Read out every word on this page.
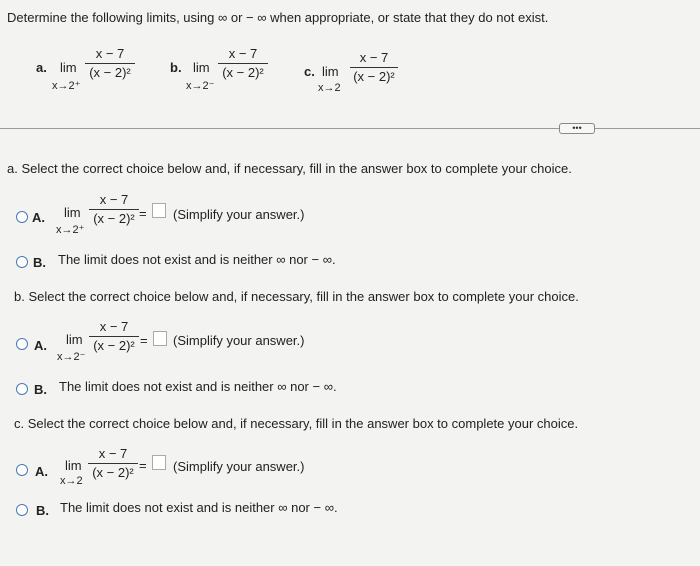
Determine the following limits, using ∞ or − ∞ when appropriate, or state that they do not exist.
a. lim
x→2⁺
x − 7
(x − 2)²	b. lim
x→2⁻
x − 7
(x − 2)²	c. lim
x→2
x − 7
(x − 2)²
•••
a. Select the correct choice below and, if necessary, fill in the answer box to complete your choice.
A. lim
x→2⁺
x − 7
(x − 2)² = (Simplify your answer.)
B. The limit does not exist and is neither ∞ nor − ∞.
b. Select the correct choice below and, if necessary, fill in the answer box to complete your choice.
A. lim
x→2⁻
x − 7
(x − 2)² = (Simplify your answer.)
B. The limit does not exist and is neither ∞ nor − ∞.
c. Select the correct choice below and, if necessary, fill in the answer box to complete your choice.
A. lim
x→2
x − 7
(x − 2)² = (Simplify your answer.)
B. The limit does not exist and is neither ∞ nor − ∞.
